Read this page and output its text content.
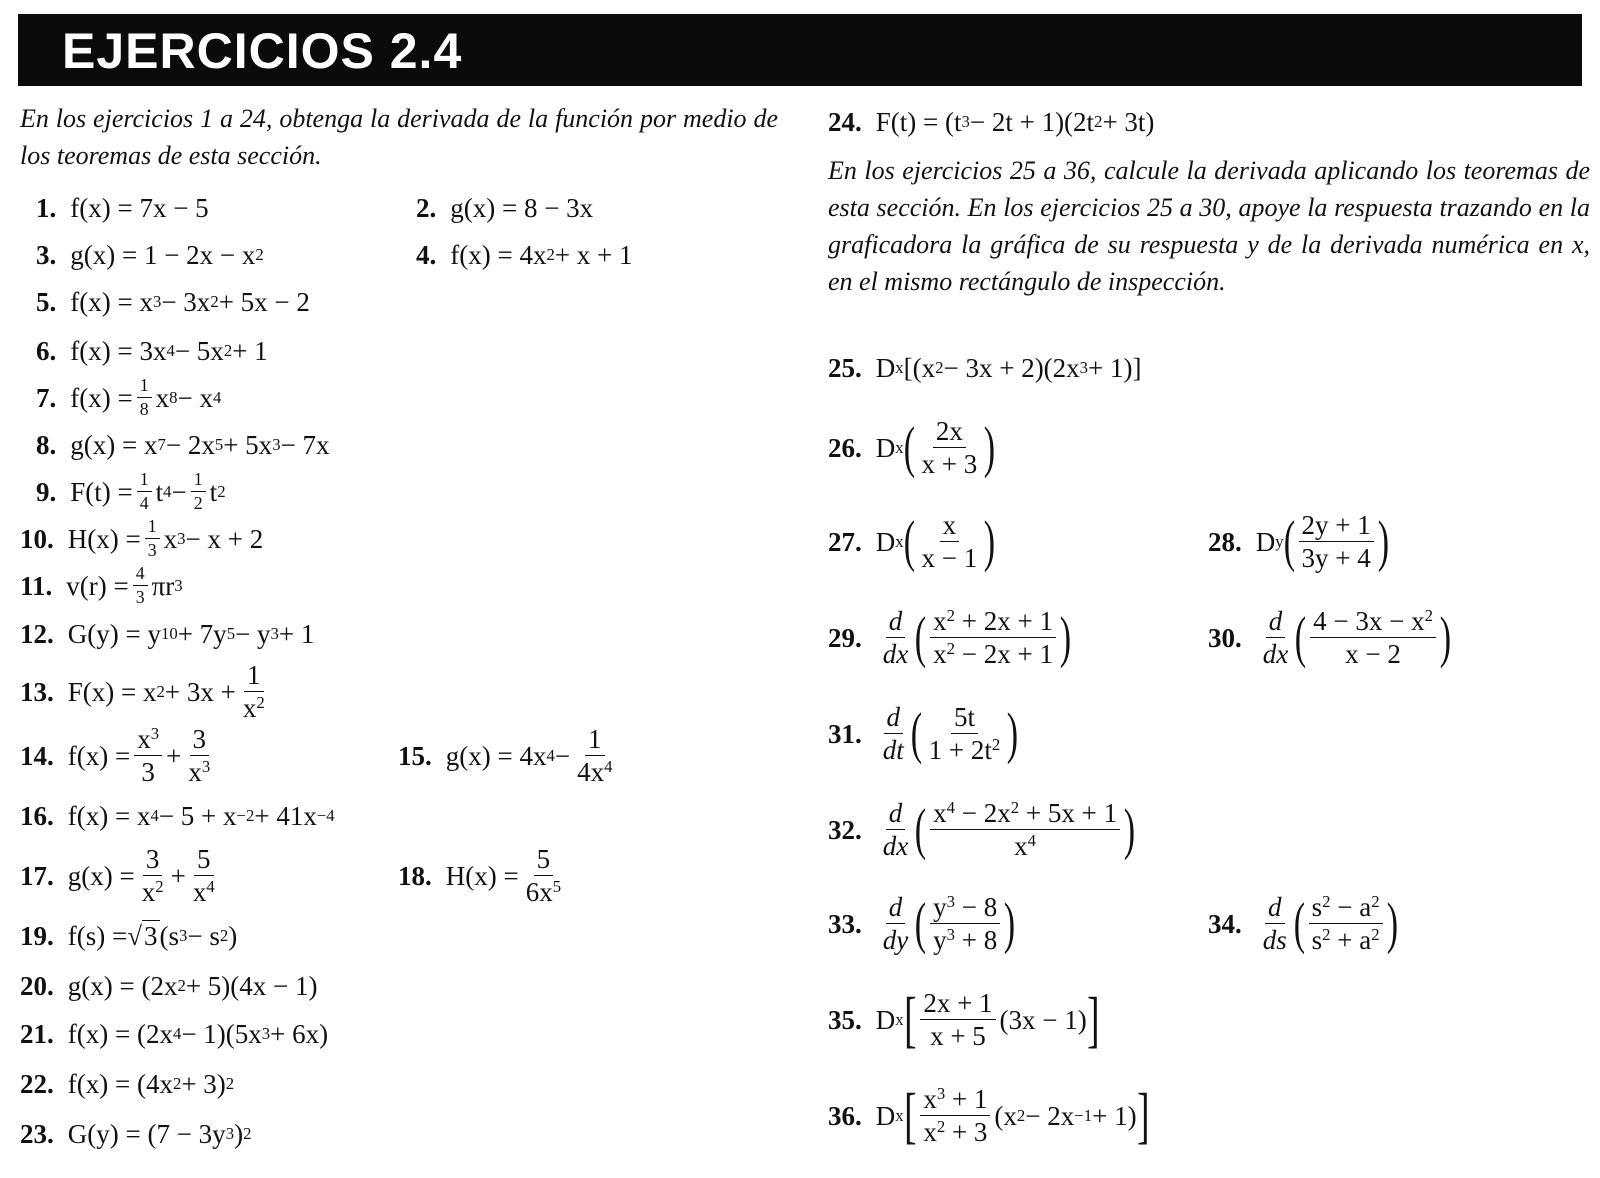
EJERCICIOS 2.4
En los ejercicios 1 a 24, obtenga la derivada de la función por medio de los teoremas de esta sección.
En los ejercicios 25 a 36, calcule la derivada aplicando los teoremas de esta sección. En los ejercicios 25 a 30, apoye la respuesta trazando en la graficadora la gráfica de su respuesta y de la derivada numérica en x, en el mismo rectángulo de inspección.
1. f(x) = 7x − 5	2. g(x) = 8 − 3x
3. g(x) = 1 − 2x − x 2	4. f(x) = 4x 2 + x + 1
5. f(x) = x 3 − 3x 2 + 5x − 2
6. f(x) = 3x 4 − 5x 2 + 1
7. $f(x) = \frac{1}{8}$ x 8 − x 4
8. g(x) = x 7 − 2x 5 + 5x 3 − 7x
9. $F(t) = \frac{1}{4}$ t $4 - \frac{1}{2}$ t 2
10. $H(x) = \frac{1}{3}$ x 3 − x + 2
11. $v(r) = \frac{4}{3}$ πr 3
12. G(y) = y 10 + 7y 5 − y 3 + 1
13. F(x) = x $2 + 3x + \frac{1}{x^2}$
14. $f(x) = \frac{x^3}{3} + \frac{3}{x^3}$	15. g(x) = 4x $4 - \frac{1}{4x^4}$
16. f(x) = x 4 − 5 + x −2 + 41x −4
17. $g(x) = \frac{3}{x^2} + \frac{5}{x^4}$	18. $H(x) = \frac{5}{6x^5}$
19. f(s) = √ 3 (s 3 − s 2 )
20. g(x) = (2x 2 + 5)(4x − 1)
21. f(x) = (2x 4 − 1)(5x 3 + 6x)
22. f(x) = (4x 2 + 3) 2
23. G(y) = (7 − 3y 3 ) 2
24. F(t) = (t 3 − 2t + 1)(2t 2 + 3t)
25. D x [(x 2 − 3x + 2)(2x 3 + 1)]
26. D x ( $\frac{2x}{x + 3}$ )
27. D x ( $\frac{x}{x - 1}$ )	28. D y ( $\frac{2y + 1}{3y + 4}$ )
29. $\frac{d}{dx}$ ( $\frac{x^2 + 2x + 1}{x^2 - 2x + 1}$ )	30. $\frac{d}{dx}$ ( $\frac{4 - 3x - x^2}{x - 2}$ )
31. $\frac{d}{dt}$ ( $\frac{5t}{1 + 2t^2}$ )
32. $\frac{d}{dx}$ ( $\frac{x^4 - 2x^2 + 5x + 1}{x^4}$ )
33. $\frac{d}{dy}$ ( $\frac{y^3 - 8}{y^3 + 8}$ )	34. $\frac{d}{ds}$ ( $\frac{s^2 - a^2}{s^2 + a^2}$ )
35. D x [ $\frac{2x + 1}{x + 5} (3x - 1)$ ]
36. D x [ $\frac{x^3 + 1}{x^2 + 3} (x$ 2 − 2x −1 + 1) ]
